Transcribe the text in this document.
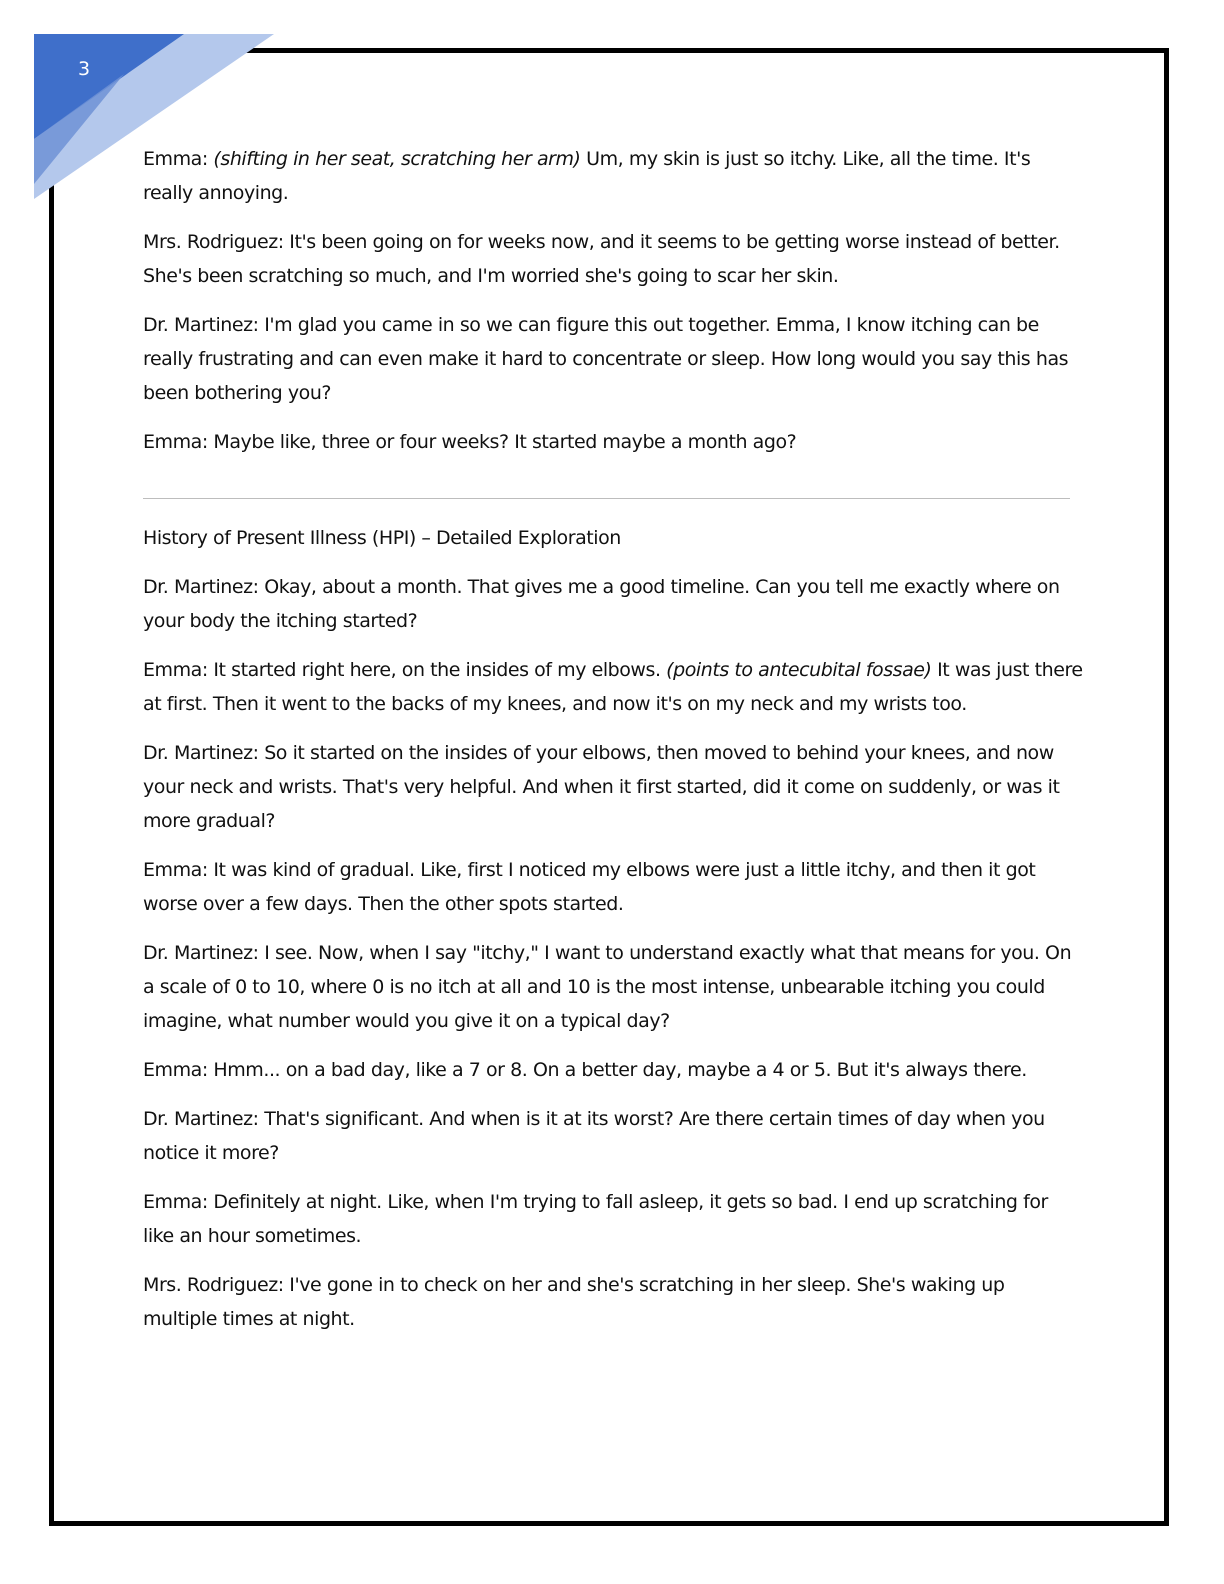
3

Emma: (shifting in her seat, scratching her arm) Um, my skin is just so itchy. Like, all the time. It's really annoying.

Mrs. Rodriguez: It's been going on for weeks now, and it seems to be getting worse instead of better. She's been scratching so much, and I'm worried she's going to scar her skin.

Dr. Martinez: I'm glad you came in so we can figure this out together. Emma, I know itching can be really frustrating and can even make it hard to concentrate or sleep. How long would you say this has been bothering you?

Emma: Maybe like, three or four weeks? It started maybe a month ago?

History of Present Illness (HPI) – Detailed Exploration

Dr. Martinez: Okay, about a month. That gives me a good timeline. Can you tell me exactly where on your body the itching started?

Emma: It started right here, on the insides of my elbows. (points to antecubital fossae) It was just there at first. Then it went to the backs of my knees, and now it's on my neck and my wrists too.

Dr. Martinez: So it started on the insides of your elbows, then moved to behind your knees, and now your neck and wrists. That's very helpful. And when it first started, did it come on suddenly, or was it more gradual?

Emma: It was kind of gradual. Like, first I noticed my elbows were just a little itchy, and then it got worse over a few days. Then the other spots started.

Dr. Martinez: I see. Now, when I say "itchy," I want to understand exactly what that means for you. On a scale of 0 to 10, where 0 is no itch at all and 10 is the most intense, unbearable itching you could imagine, what number would you give it on a typical day?

Emma: Hmm... on a bad day, like a 7 or 8. On a better day, maybe a 4 or 5. But it's always there.

Dr. Martinez: That's significant. And when is it at its worst? Are there certain times of day when you notice it more?

Emma: Definitely at night. Like, when I'm trying to fall asleep, it gets so bad. I end up scratching for like an hour sometimes.

Mrs. Rodriguez: I've gone in to check on her and she's scratching in her sleep. She's waking up multiple times at night.
